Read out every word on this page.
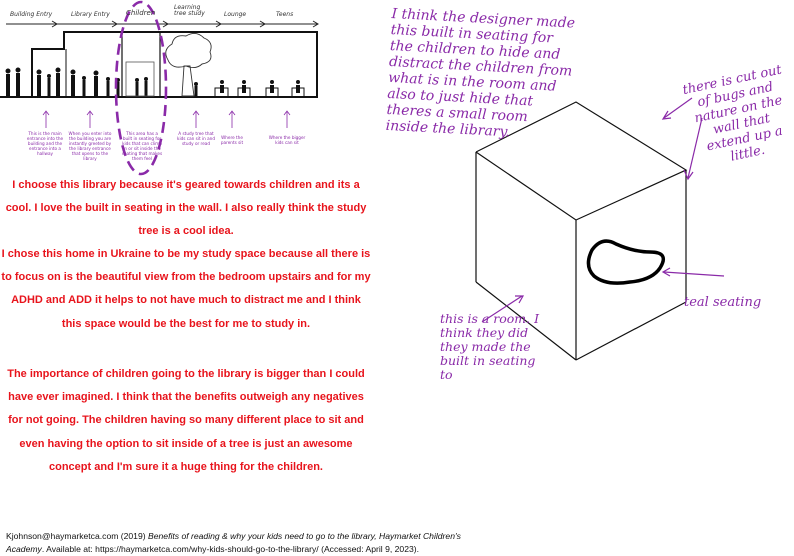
Building Entry	Library Entry Children
Learning tree study	Lounge	Teens
This is the main entrance into the building and the entrance into a hallway
When you enter into the building you are instantly greeted by the library entrance that opens to the library
This area has a built in seating for kids that can climb in or sit inside the seating that makes them feel
A study tree that kids can sit in and study or read
Where the parents sit
Where the bigger kids can sit
I choose this library because it's geared towards children and its a cool. I love the built in seating in the wall. I also really think the study tree is a cool idea.
I chose this home in Ukraine to be my study space because all there is to focus on is the beautiful view from the bedroom upstairs and for my ADHD and ADD it helps to not have much to distract me and I think this space would be the best for me to study in.
The importance of children going to the library is bigger than I could have ever imagined. I think that the benefits outweigh any negatives for not going. The children having so many different place to sit and even having the option to sit inside of a tree is just an awesome concept and I'm sure it a huge thing for the children.
I think the designer made this built in seating for the children to hide and distract the children from what is in the room and also to just hide that theres a small room inside the library.
there is cut out of bugs and nature on the wall that extend up a little.
this is a room. I think they did they made the built in seating to
teal seating
Kjohnson@haymarketca.com (2019) Benefits of reading & why your kids need to go to the library, Haymarket Children's Academy. Available at: https://haymarketca.com/why-kids-should-go-to-the-library/ (Accessed: April 9, 2023).
